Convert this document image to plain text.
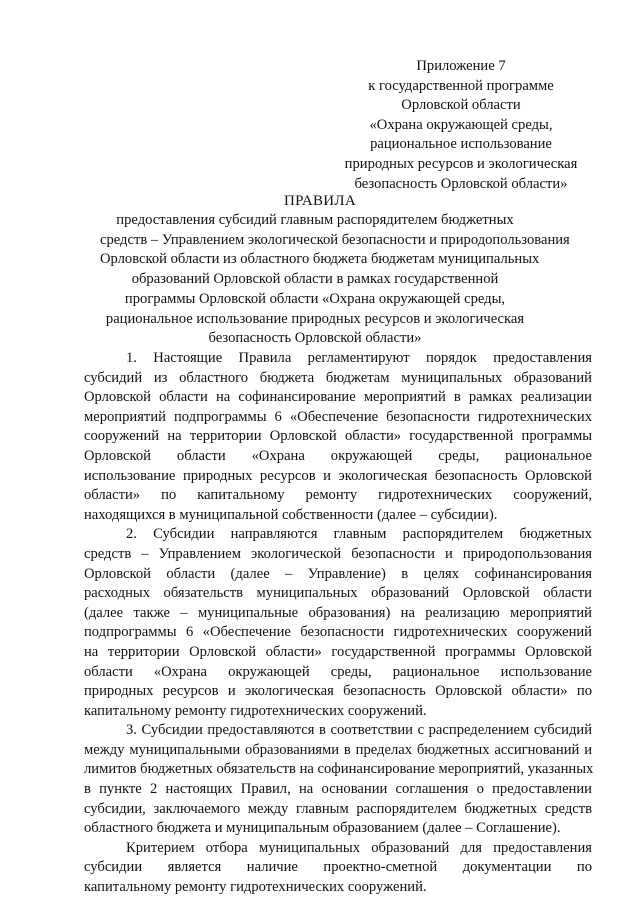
Приложение 7
к государственной программе
Орловской области
«Охрана окружающей среды,
рациональное использование
природных ресурсов и экологическая
безопасность Орловской области»
ПРАВИЛА
предоставления субсидий главным распорядителем бюджетных
средств – Управлением экологической безопасности и природопользования
Орловской области из областного бюджета бюджетам муниципальных
образований Орловской области в рамках государственной
программы Орловской области «Охрана окружающей среды,
рациональное использование природных ресурсов и экологическая
безопасность Орловской области»
1. Настоящие Правила регламентируют порядок предоставления
субсидий из областного бюджета бюджетам муниципальных образований
Орловской области на софинансирование мероприятий в рамках реализации
мероприятий подпрограммы 6 «Обеспечение безопасности гидротехнических
сооружений на территории Орловской области» государственной программы
Орловской области «Охрана окружающей среды, рациональное
использование природных ресурсов и экологическая безопасность Орловской
области» по капитальному ремонту гидротехнических сооружений,
находящихся в муниципальной собственности (далее – субсидии).
2. Субсидии направляются главным распорядителем бюджетных
средств – Управлением экологической безопасности и природопользования
Орловской области (далее – Управление) в целях софинансирования
расходных обязательств муниципальных образований Орловской области
(далее также – муниципальные образования) на реализацию мероприятий
подпрограммы 6 «Обеспечение безопасности гидротехнических сооружений
на территории Орловской области» государственной программы Орловской
области «Охрана окружающей среды, рациональное использование
природных ресурсов и экологическая безопасность Орловской области» по
капитальному ремонту гидротехнических сооружений.
3. Субсидии предоставляются в соответствии с распределением субсидий
между муниципальными образованиями в пределах бюджетных ассигнований и
лимитов бюджетных обязательств на софинансирование мероприятий, указанных
в пункте 2 настоящих Правил, на основании соглашения о предоставлении
субсидии, заключаемого между главным распорядителем бюджетных средств
областного бюджета и муниципальным образованием (далее – Соглашение).
Критерием отбора муниципальных образований для предоставления
субсидии является наличие проектно-сметной документации по
капитальному ремонту гидротехнических сооружений.
